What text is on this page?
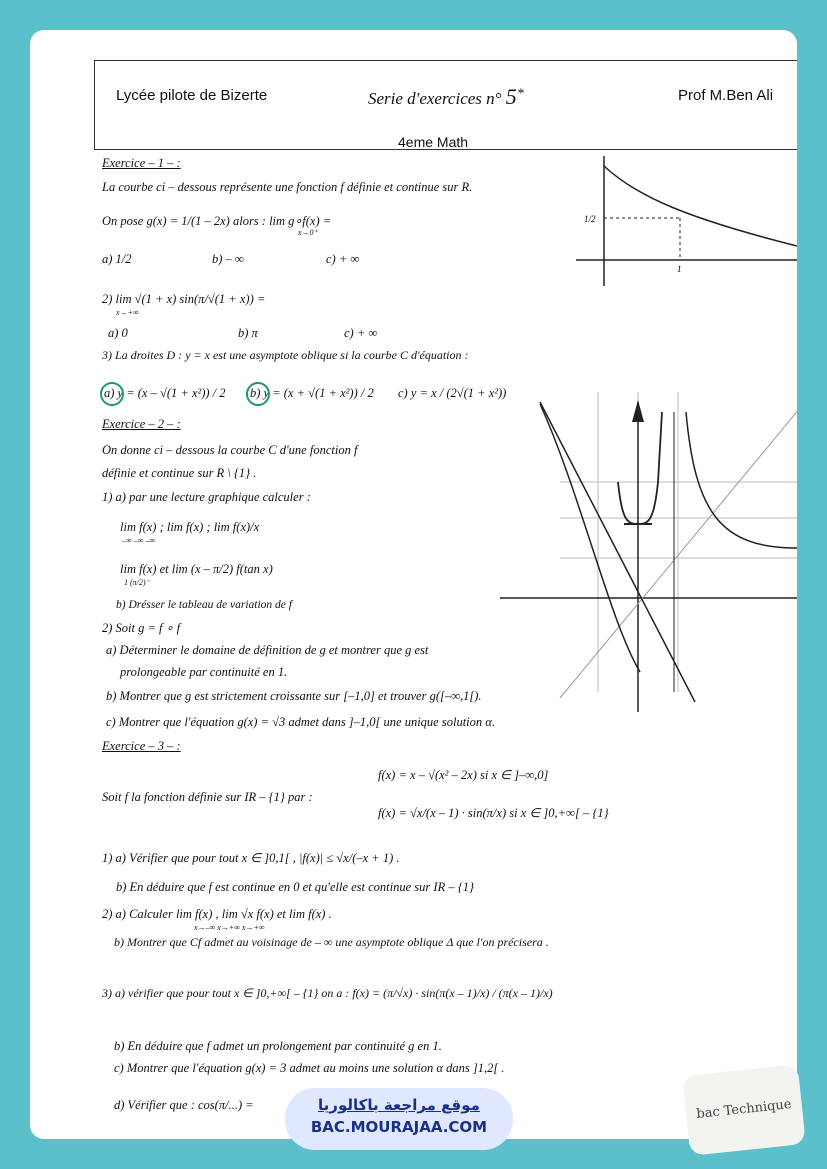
Lycée pilote de Bizerte	Serie d'exercices n° 5*	Prof M.Ben Ali
4eme Math
Exercice – 1 – :
La courbe ci – dessous représente une fonction f définie et continue sur R.
On pose g(x) = 1/(1 – 2x) alors : lim g∘f(x) =
x→0⁺
a) 1/2	b) – ∞	c) + ∞
2) lim √(1 + x) sin(π/√(1 + x)) =
x→+∞
a) 0	b) π	c) + ∞
3) La droites D : y = x est une asymptote oblique si la courbe C d'équation :
a) y = (x – √(1 + x²)) / 2 b) y = (x + √(1 + x²)) / 2 c) y = x / (2√(1 + x²))
1/2
1
Exercice – 2 – :
On donne ci – dessous la courbe C d'une fonction f
définie et continue sur R \ {1} .
1) a) par une lecture graphique calculer :
lim f(x) ; lim f(x) ; lim f(x)/x
–∞ –∞ –∞
lim f(x) et lim (x – π/2) f(tan x)
1 (π/2)⁻
b) Drésser le tableau de variation de f
2) Soit g = f ∘ f
a) Déterminer le domaine de définition de g et montrer que g est
prolongeable par continuité en 1.
b) Montrer que g est strictement croissante sur [–1,0] et trouver g([–∞,1[).
c) Montrer que l'équation g(x) = √3 admet dans ]–1,0[ une unique solution α.
Exercice – 3 – :
f(x) = x – √(x² – 2x) si x ∈ ]–∞,0]
Soit f la fonction définie sur IR – {1} par :
f(x) = √x/(x – 1) · sin(π/x) si x ∈ ]0,+∞[ – {1}
1) a) Vérifier que pour tout x ∈ ]0,1[ , |f(x)| ≤ √x/(–x + 1) .
b) En déduire que f est continue en 0 et qu'elle est continue sur IR – {1}
2) a) Calculer lim f(x) , lim √x f(x) et lim f(x) .
x→–∞ x→+∞ x→+∞
b) Montrer que Cf admet au voisinage de – ∞ une asymptote oblique Δ que l'on précisera .
3) a) vérifier que pour tout x ∈ ]0,+∞[ – {1} on a : f(x) = (π/√x) · sin(π(x – 1)/x) / (π(x – 1)/x)
b) En déduire que f admet un prolongement par continuité g en 1.
c) Montrer que l'équation g(x) = 3 admet au moins une solution α dans ]1,2[ .
d) Vérifier que : cos(π/...) =	موقع مراجعة باكالوريا
BAC.MOURAJAA.COM
bac Technique
